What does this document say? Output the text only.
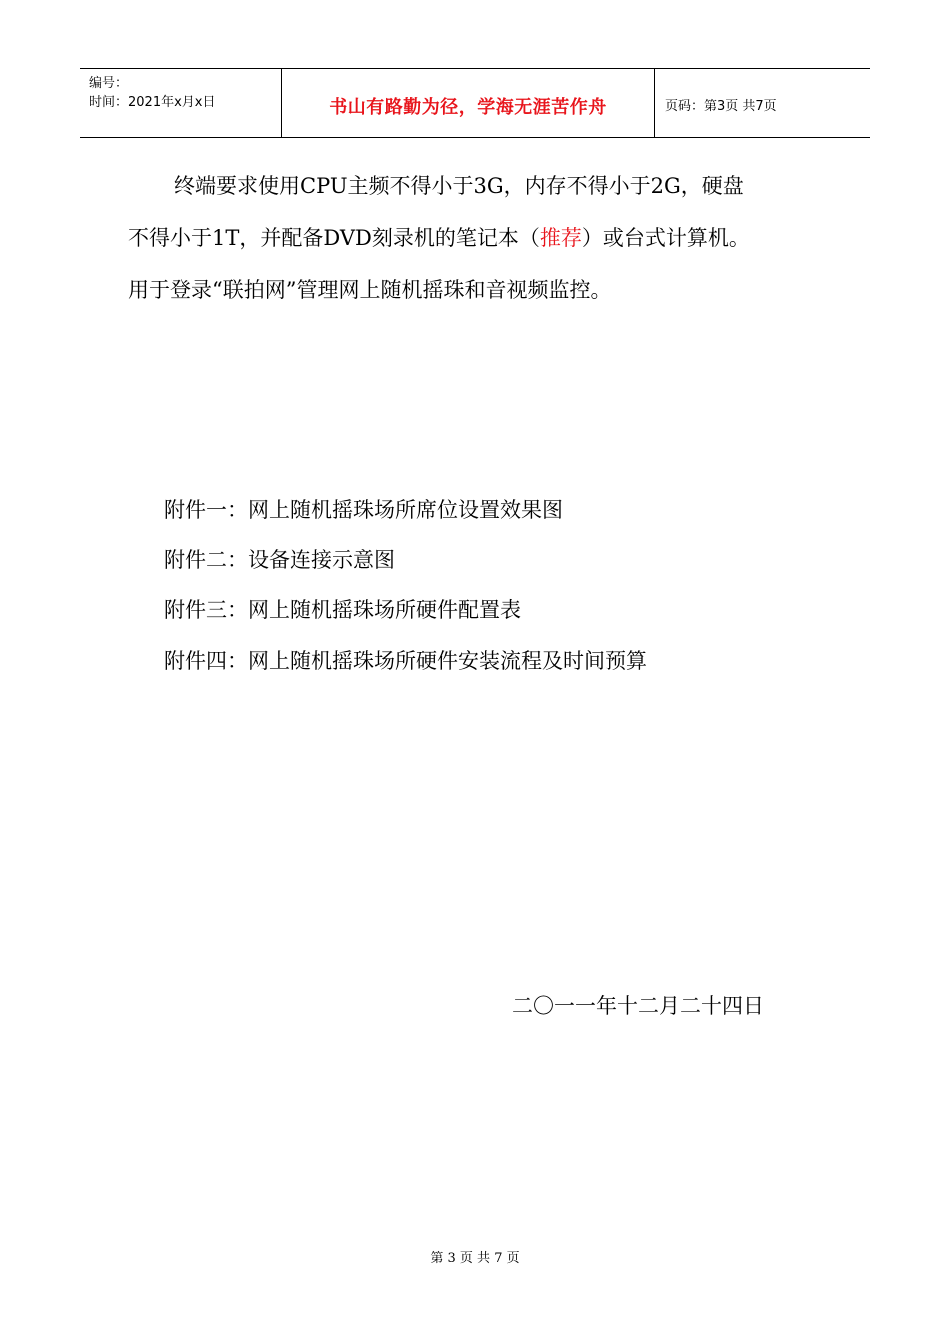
编号：
时间：2021年x月x日	书山有路勤为径，学海无涯苦作舟	页码：第3页 共7页
终端要求使用CPU主频不得小于3G，内存不得小于2G，硬盘
不得小于1T，并配备DVD刻录机的笔记本（推荐）或台式计算机。
用于登录“联拍网”管理网上随机摇珠和音视频监控。
附件一：网上随机摇珠场所席位设置效果图
附件二：设备连接示意图
附件三：网上随机摇珠场所硬件配置表
附件四：网上随机摇珠场所硬件安装流程及时间预算
二〇一一年十二月二十四日
第 3 页 共 7 页
